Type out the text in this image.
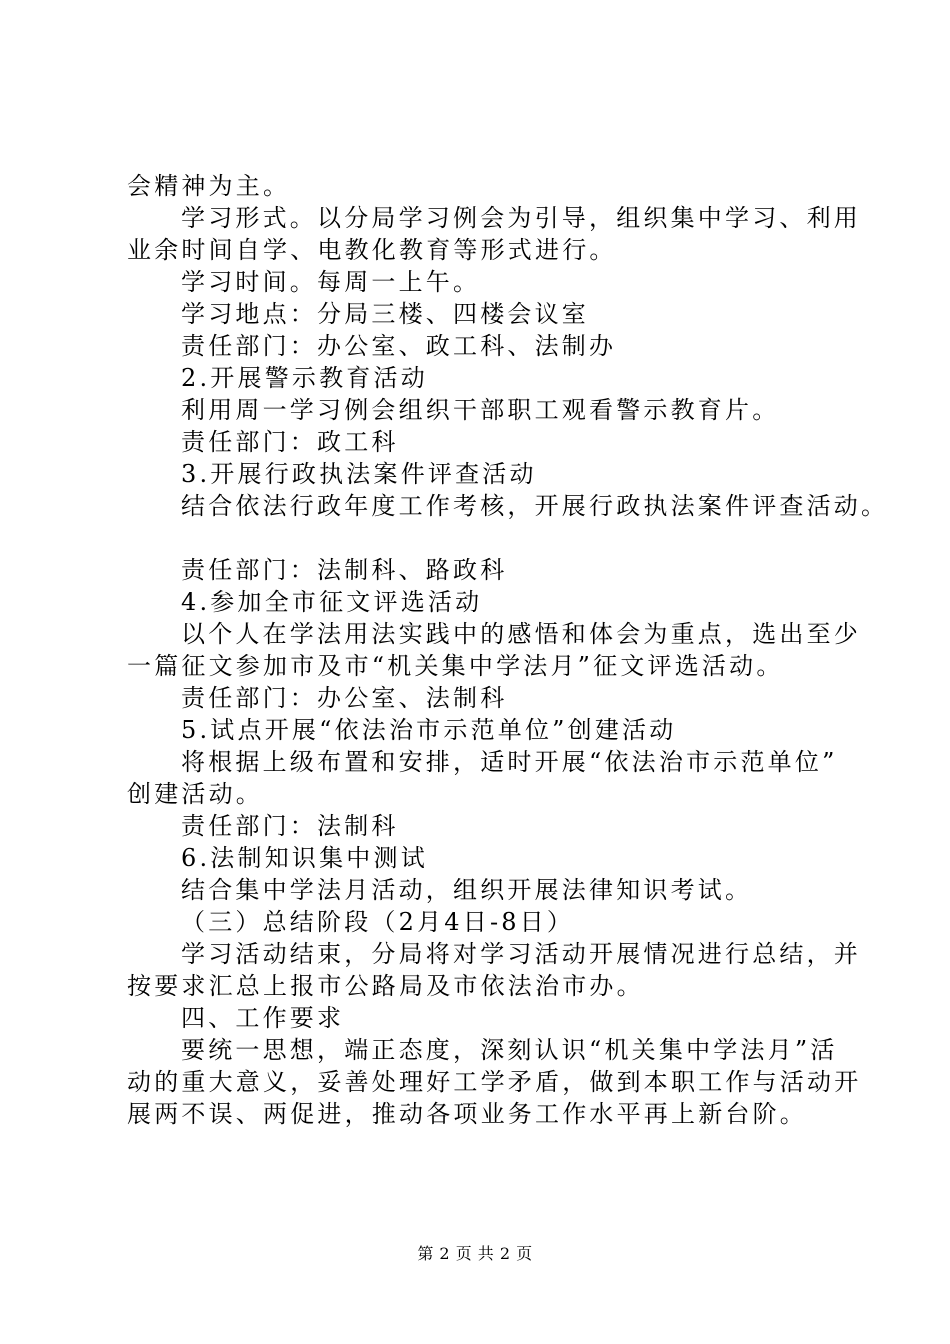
会精神为主。
学习形式。以分局学习例会为引导，组织集中学习、利用
业余时间自学、电教化教育等形式进行。
学习时间。每周一上午。
学习地点：分局三楼、四楼会议室
责任部门：办公室、政工科、法制办
2.开展警示教育活动
利用周一学习例会组织干部职工观看警示教育片。
责任部门：政工科
3.开展行政执法案件评查活动
结合依法行政年度工作考核，开展行政执法案件评查活动。
责任部门：法制科、路政科
4.参加全市征文评选活动
以个人在学法用法实践中的感悟和体会为重点，选出至少
一篇征文参加市及市“机关集中学法月”征文评选活动。
责任部门：办公室、法制科
5.试点开展“依法治市示范单位”创建活动
将根据上级布置和安排，适时开展“依法治市示范单位”
创建活动。
责任部门：法制科
6.法制知识集中测试
结合集中学法月活动，组织开展法律知识考试。
（三）总结阶段（2月4日-8日）
学习活动结束，分局将对学习活动开展情况进行总结，并
按要求汇总上报市公路局及市依法治市办。
四、工作要求
要统一思想，端正态度，深刻认识“机关集中学法月”活
动的重大意义，妥善处理好工学矛盾，做到本职工作与活动开
展两不误、两促进，推动各项业务工作水平再上新台阶。
第 2 页 共 2 页
